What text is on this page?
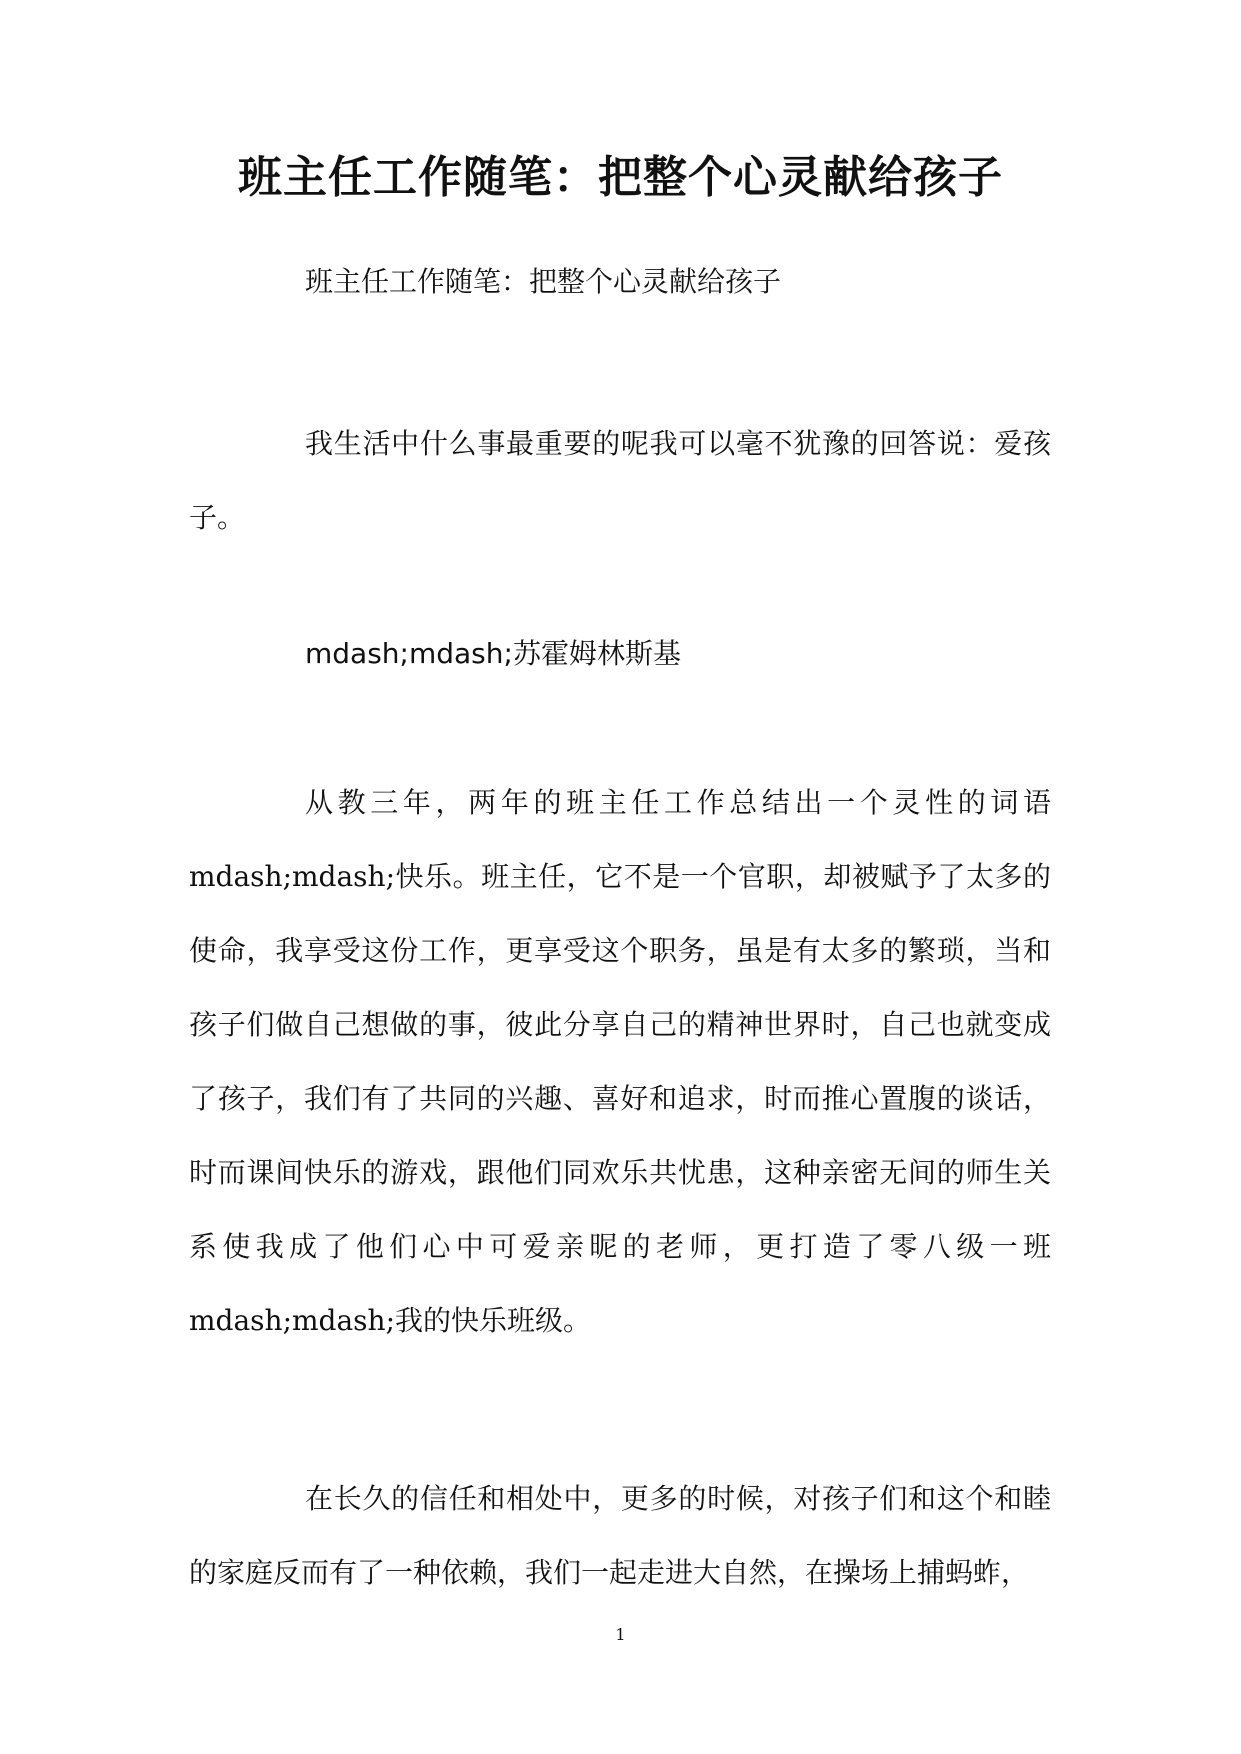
班主任工作随笔：把整个心灵献给孩子

班主任工作随笔：把整个心灵献给孩子

我生活中什么事最重要的呢我可以毫不犹豫的回答说：爱孩子。

mdash;mdash;苏霍姆林斯基

从教三年，两年的班主任工作总结出一个灵性的词语mdash;mdash;快乐。班主任，它不是一个官职，却被赋予了太多的使命，我享受这份工作，更享受这个职务，虽是有太多的繁琐，当和孩子们做自己想做的事，彼此分享自己的精神世界时，自己也就变成了孩子，我们有了共同的兴趣、喜好和追求，时而推心置腹的谈话，时而课间快乐的游戏，跟他们同欢乐共忧患，这种亲密无间的师生关系使我成了他们心中可爱亲昵的老师，更打造了零八级一班mdash;mdash;我的快乐班级。

在长久的信任和相处中，更多的时候，对孩子们和这个和睦的家庭反而有了一种依赖，我们一起走进大自然，在操场上捕蚂蚱，

1
